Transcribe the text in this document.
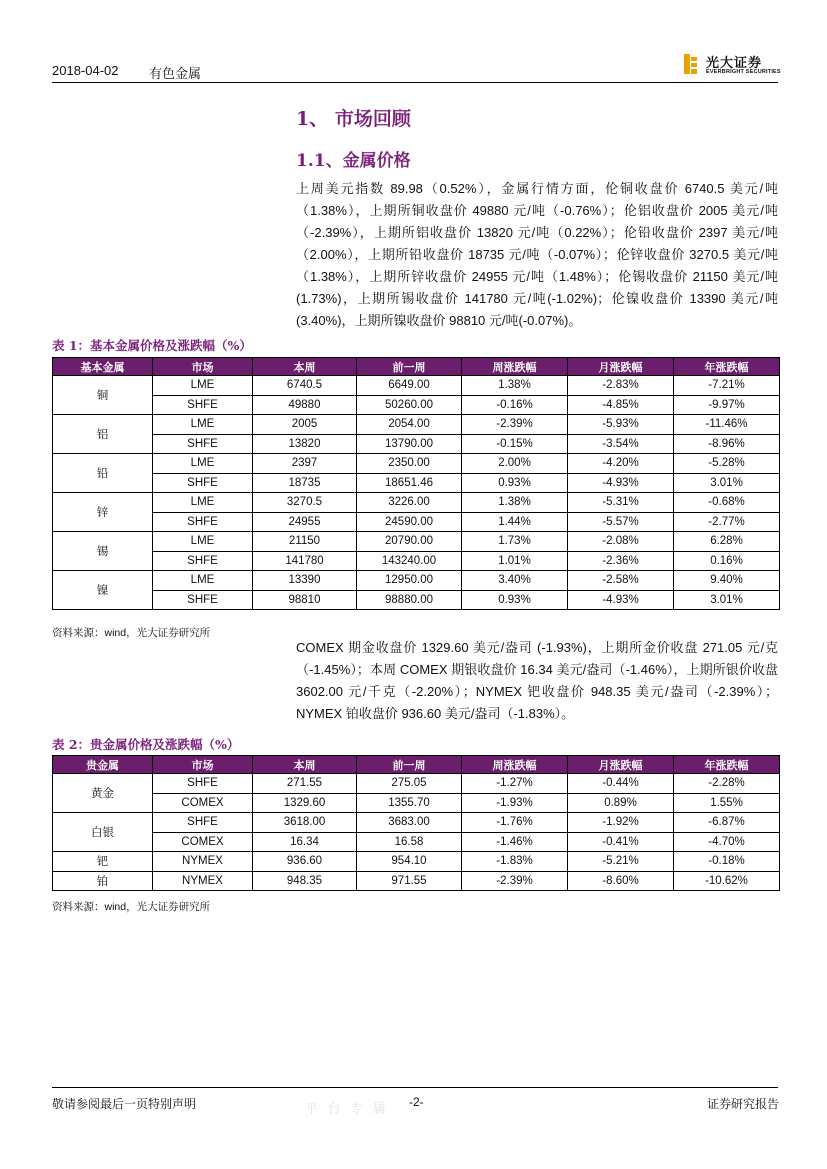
2018-04-02 有色金属
光大证券
EVERBRIGHT SECURITIES
1、 市场回顾
1.1、金属价格
上周美元指数 89.98（0.52%），金属行情方面，伦铜收盘价 6740.5 美元/吨（1.38%），上期所铜收盘价 49880 元/吨（-0.76%）；伦铝收盘价 2005 美元/吨（-2.39%），上期所铝收盘价 13820 元/吨（0.22%）；伦铅收盘价 2397 美元/吨（2.00%），上期所铅收盘价 18735 元/吨（-0.07%）；伦锌收盘价 3270.5 美元/吨（1.38%），上期所锌收盘价 24955 元/吨（1.48%）；伦锡收盘价 21150 美元/吨(1.73%)，上期所锡收盘价 141780 元/吨(-1.02%)；伦镍收盘价 13390 美元/吨(3.40%)，上期所镍收盘价 98810 元/吨(-0.07%)。
表 1：基本金属价格及涨跌幅（%）
基本金属	市场	本周	前一周	周涨跌幅	月涨跌幅	年涨跌幅
铜	LME	6740.5	6649.00	1.38%	-2.83%	-7.21%
	SHFE	49880	50260.00	-0.16%	-4.85%	-9.97%
铝	LME	2005	2054.00	-2.39%	-5.93%	-11.46%
	SHFE	13820	13790.00	-0.15%	-3.54%	-8.96%
铅	LME	2397	2350.00	2.00%	-4.20%	-5.28%
	SHFE	18735	18651.46	0.93%	-4.93%	3.01%
锌	LME	3270.5	3226.00	1.38%	-5.31%	-0.68%
	SHFE	24955	24590.00	1.44%	-5.57%	-2.77%
锡	LME	21150	20790.00	1.73%	-2.08%	6.28%
	SHFE	141780	143240.00	1.01%	-2.36%	0.16%
镍	LME	13390	12950.00	3.40%	-2.58%	9.40%
	SHFE	98810	98880.00	0.93%	-4.93%	3.01%
资料来源：wind，光大证券研究所
COMEX 期金收盘价 1329.60 美元/盎司 (-1.93%)，上期所金价收盘 271.05 元/克（-1.45%）；本周 COMEX 期银收盘价 16.34 美元/盎司（-1.46%），上期所银价收盘 3602.00 元/千克（-2.20%）；NYMEX 钯收盘价 948.35 美元/盎司（-2.39%）；NYMEX 铂收盘价 936.60 美元/盎司（-1.83%）。
表 2：贵金属价格及涨跌幅（%）
贵金属	市场	本周	前一周	周涨跌幅	月涨跌幅	年涨跌幅
黄金	SHFE	271.55	275.05	-1.27%	-0.44%	-2.28%
	COMEX	1329.60	1355.70	-1.93%	0.89%	1.55%
白银	SHFE	3618.00	3683.00	-1.76%	-1.92%	-6.87%
	COMEX	16.34	16.58	-1.46%	-0.41%	-4.70%
钯	NYMEX	936.60	954.10	-1.83%	-5.21%	-0.18%
铂	NYMEX	948.35	971.55	-2.39%	-8.60%	-10.62%
资料来源：wind，光大证券研究所
敬请参阅最后一页特别声明	平 台 专 属 -2-	证券研究报告
